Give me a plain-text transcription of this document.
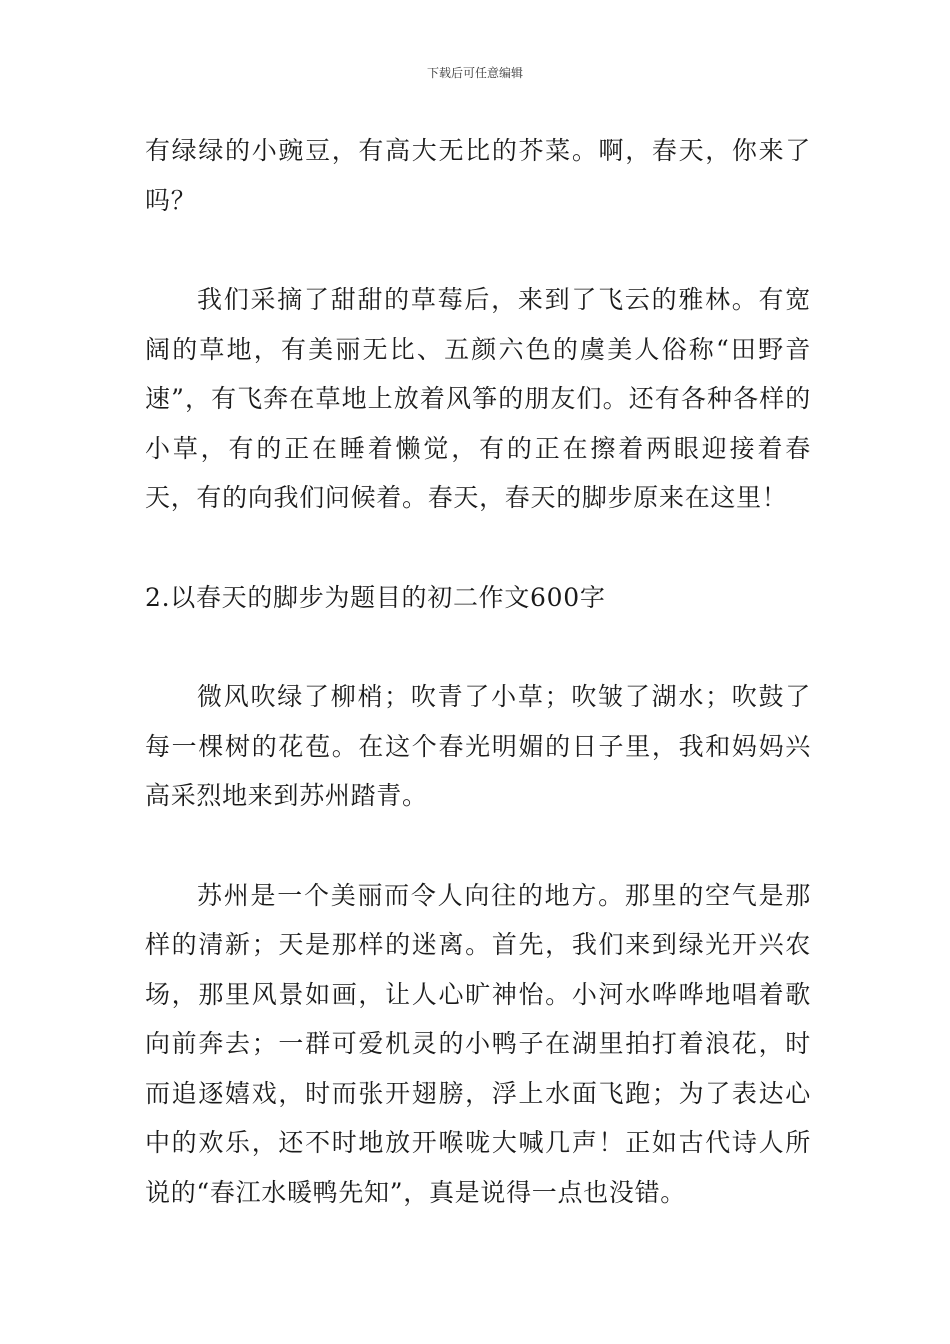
下载后可任意编辑

有绿绿的小豌豆，有高大无比的芥菜。啊，春天，你来了吗？

我们采摘了甜甜的草莓后，来到了飞云的雅林。有宽阔的草地，有美丽无比、五颜六色的虞美人俗称“田野音速”，有飞奔在草地上放着风筝的朋友们。还有各种各样的小草，有的正在睡着懒觉，有的正在擦着两眼迎接着春天，有的向我们问候着。春天，春天的脚步原来在这里！

2.以春天的脚步为题目的初二作文600字

微风吹绿了柳梢；吹青了小草；吹皱了湖水；吹鼓了每一棵树的花苞。在这个春光明媚的日子里，我和妈妈兴高采烈地来到苏州踏青。

苏州是一个美丽而令人向往的地方。那里的空气是那样的清新；天是那样的迷离。首先，我们来到绿光开兴农场，那里风景如画，让人心旷神怡。小河水哗哗地唱着歌向前奔去；一群可爱机灵的小鸭子在湖里拍打着浪花，时而追逐嬉戏，时而张开翅膀，浮上水面飞跑；为了表达心中的欢乐，还不时地放开喉咙大喊几声！正如古代诗人所说的“春江水暖鸭先知”，真是说得一点也没错。
